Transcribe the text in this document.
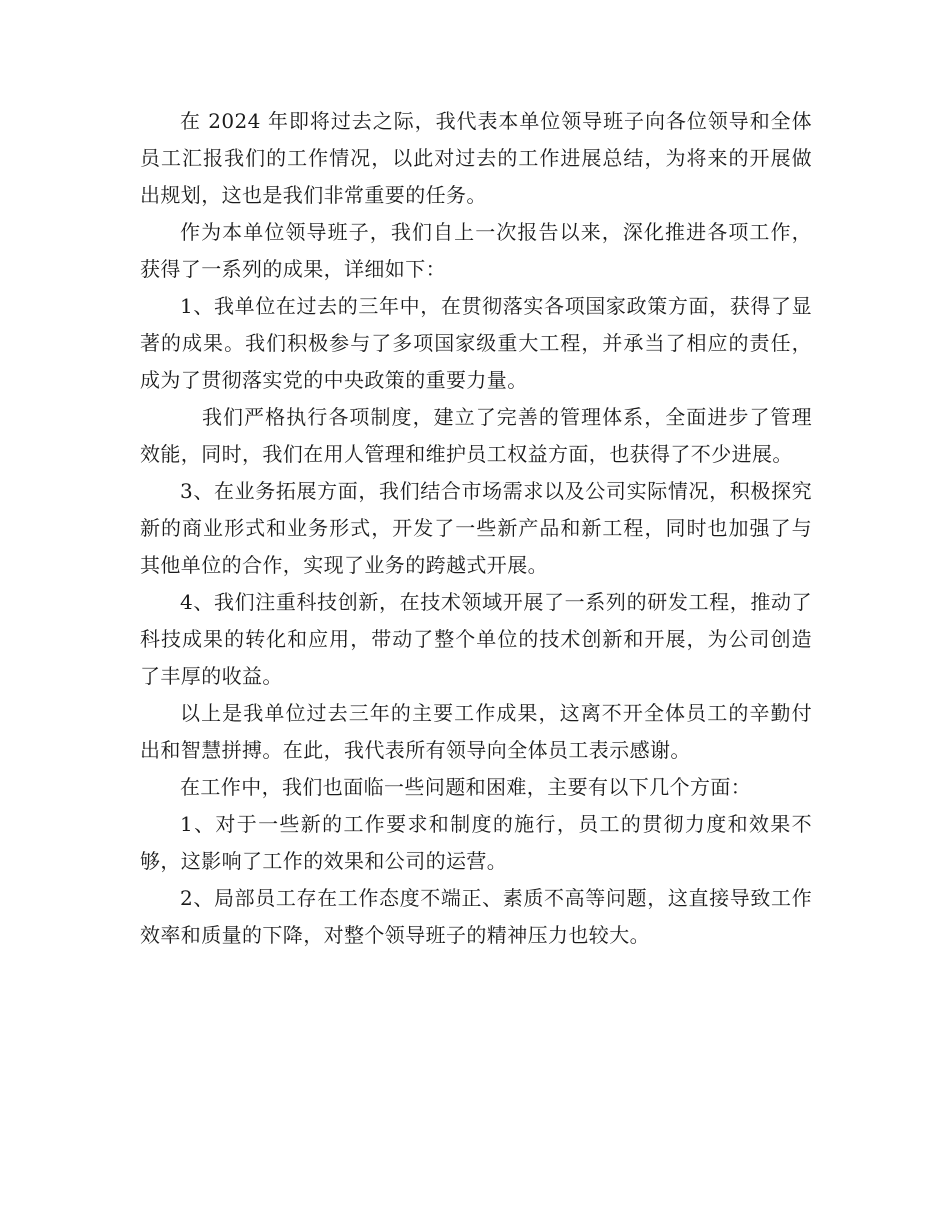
在 2024 年即将过去之际，我代表本单位领导班子向各位领导和全体员工汇报我们的工作情况，以此对过去的工作进展总结，为将来的开展做出规划，这也是我们非常重要的任务。

作为本单位领导班子，我们自上一次报告以来，深化推进各项工作，获得了一系列的成果，详细如下：

1、我单位在过去的三年中，在贯彻落实各项国家政策方面，获得了显著的成果。我们积极参与了多项国家级重大工程，并承当了相应的责任，成为了贯彻落实党的中央政策的重要力量。

我们严格执行各项制度，建立了完善的管理体系，全面进步了管理效能，同时，我们在用人管理和维护员工权益方面，也获得了不少进展。

3、在业务拓展方面，我们结合市场需求以及公司实际情况，积极探究新的商业形式和业务形式，开发了一些新产品和新工程，同时也加强了与其他单位的合作，实现了业务的跨越式开展。

4、我们注重科技创新，在技术领域开展了一系列的研发工程，推动了科技成果的转化和应用，带动了整个单位的技术创新和开展，为公司创造了丰厚的收益。

以上是我单位过去三年的主要工作成果，这离不开全体员工的辛勤付出和智慧拼搏。在此，我代表所有领导向全体员工表示感谢。

在工作中，我们也面临一些问题和困难，主要有以下几个方面：

1、对于一些新的工作要求和制度的施行，员工的贯彻力度和效果不够，这影响了工作的效果和公司的运营。

2、局部员工存在工作态度不端正、素质不高等问题，这直接导致工作效率和质量的下降，对整个领导班子的精神压力也较大。
